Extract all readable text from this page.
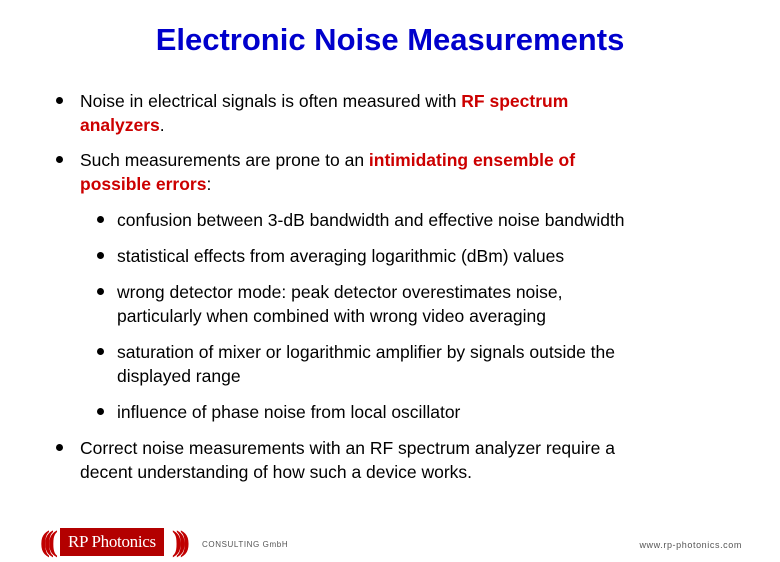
Electronic Noise Measurements
Noise in electrical signals is often measured with RF spectrum
analyzers.
Such measurements are prone to an intimidating ensemble of
possible errors:
confusion between 3-dB bandwidth and effective noise bandwidth
statistical effects from averaging logarithmic (dBm) values
wrong detector mode: peak detector overestimates noise,
particularly when combined with wrong video averaging
saturation of mixer or logarithmic amplifier by signals outside the
displayed range
influence of phase noise from local oscillator
Correct noise measurements with an RF spectrum analyzer require a
decent understanding of how such a device works.
((( RP Photonics ))) CONSULTING GmbH	www.rp-photonics.com
